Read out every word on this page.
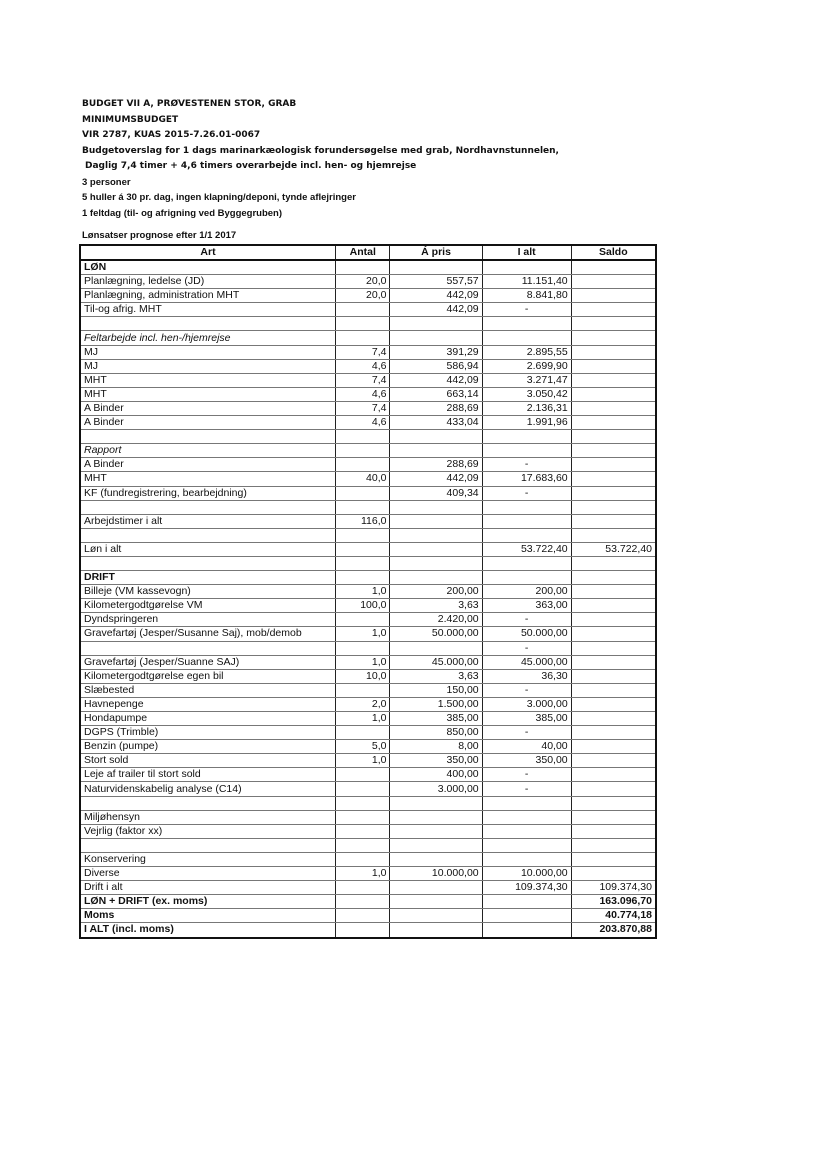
BUDGET VII A, PRØVESTENEN STOR, GRAB
MINIMUMSBUDGET
VIR 2787, KUAS 2015-7.26.01-0067
Budgetoverslag for 1 dags marinarkæologisk forundersøgelse med grab, Nordhavnstunnelen,
Daglig 7,4 timer + 4,6 timers overarbejde incl. hen- og hjemrejse
3 personer
5 huller á 30 pr. dag, ingen klapning/deponi, tynde aflejringer
1 feltdag (til- og afrigning ved Byggegruben)
Lønsatser prognose efter 1/1 2017
Art	Antal	Á pris	I alt	Saldo
LØN				
Planlægning, ledelse (JD)	20,0	557,57	11.151,40	
Planlægning, administration MHT	20,0	442,09	8.841,80	
Til-og afrig. MHT		442,09	-	

Feltarbejde incl. hen-/hjemrejse				
MJ	7,4	391,29	2.895,55	
MJ	4,6	586,94	2.699,90	
MHT	7,4	442,09	3.271,47	
MHT	4,6	663,14	3.050,42	
A Binder	7,4	288,69	2.136,31	
A Binder	4,6	433,04	1.991,96	

Rapport				
A Binder		288,69	-	
MHT	40,0	442,09	17.683,60	
KF (fundregistrering, bearbejdning)		409,34	-	

Arbejdstimer i alt	116,0			

Løn i alt			53.722,40	53.722,40

DRIFT				
Billeje (VM kassevogn)	1,0	200,00	200,00	
Kilometergodtgørelse VM	100,0	3,63	363,00	
Dyndspringeren		2.420,00	-	
Gravefartøj (Jesper/Susanne Saj), mob/demob	1,0	50.000,00	50.000,00	
			-	
Gravefartøj (Jesper/Suanne SAJ)	1,0	45.000,00	45.000,00	
Kilometergodtgørelse egen bil	10,0	3,63	36,30	
Slæbested		150,00	-	
Havnepenge	2,0	1.500,00	3.000,00	
Hondapumpe	1,0	385,00	385,00	
DGPS (Trimble)		850,00	-	
Benzin (pumpe)	5,0	8,00	40,00	
Stort sold	1,0	350,00	350,00	
Leje af trailer til stort sold		400,00	-	
Naturvidenskabelig analyse (C14)		3.000,00	-	

Miljøhensyn				
Vejrlig (faktor xx)				

Konservering				
Diverse	1,0	10.000,00	10.000,00	
Drift i alt			109.374,30	109.374,30
LØN + DRIFT (ex. moms)				163.096,70
Moms				40.774,18
I ALT (incl. moms)				203.870,88
